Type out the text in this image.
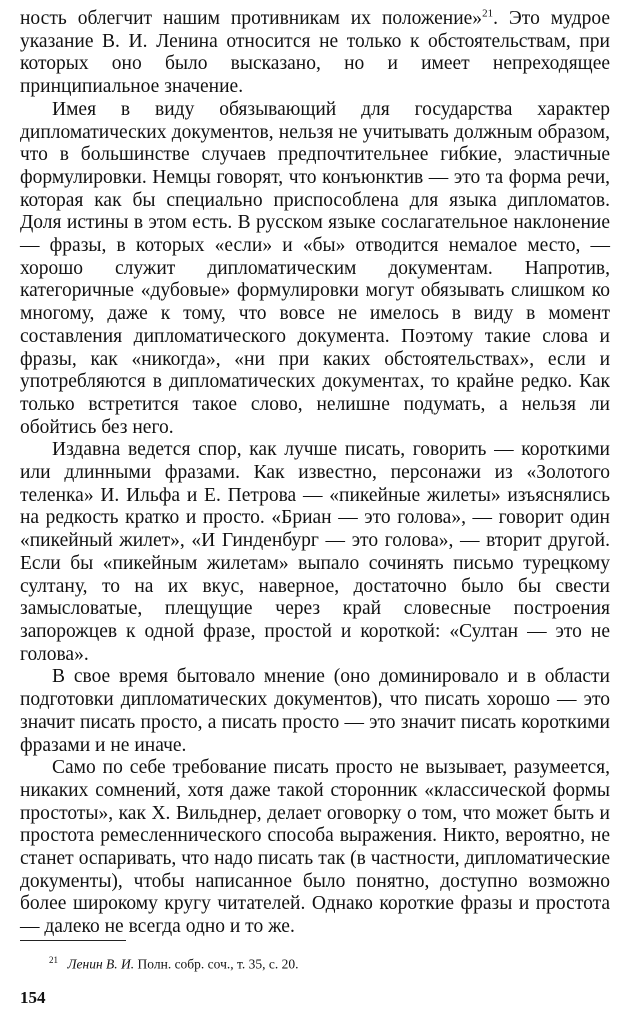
ность облегчит нашим противникам их положение»$^{21}$. Это мудрое указание В. И. Ленина относится не только к обстоятельствам, при которых оно было высказано, но и имеет непреходящее принципиальное значение.

Имея в виду обязывающий для государства характер дипломатических документов, нельзя не учитывать должным образом, что в большинстве случаев предпочтительнее гибкие, эластичные формулировки. Немцы говорят, что конъюнктив — это та форма речи, которая как бы специально приспособлена для языка дипломатов. Доля истины в этом есть. В русском языке сослагательное наклонение — фразы, в которых «если» и «бы» отводится немалое место, — хорошо служит дипломатическим документам. Напротив, категоричные «дубовые» формулировки могут обязывать слишком ко многому, даже к тому, что вовсе не имелось в виду в момент составления дипломатического документа. Поэтому такие слова и фразы, как «никогда», «ни при каких обстоятельствах», если и употребляются в дипломатических документах, то крайне редко. Как только встретится такое слово, нелишне подумать, а нельзя ли обойтись без него.

Издавна ведется спор, как лучше писать, говорить — короткими или длинными фразами. Как известно, персонажи из «Золотого теленка» И. Ильфа и Е. Петрова — «пикейные жилеты» изъяснялись на редкость кратко и просто. «Бриан — это голова», — говорит один «пикейный жилет», «И Гинденбург — это голова», — вторит другой. Если бы «пикейным жилетам» выпало сочинять письмо турецкому султану, то на их вкус, наверное, достаточно было бы свести замысловатые, плещущие через край словесные построения запорожцев к одной фразе, простой и короткой: «Султан — это не голова».

В свое время бытовало мнение (оно доминировало и в области подготовки дипломатических документов), что писать хорошо — это значит писать просто, а писать просто — это значит писать короткими фразами и не иначе.

Само по себе требование писать просто не вызывает, разумеется, никаких сомнений, хотя даже такой сторонник «классической формы простоты», как Х. Вильднер, делает оговорку о том, что может быть и простота ремесленнического способа выражения. Никто, вероятно, не станет оспаривать, что надо писать так (в частности, дипломатические документы), чтобы написанное было понятно, доступно возможно более широкому кругу читателей. Однако короткие фразы и простота — далеко не всегда одно и то же.

$^{21}$ Ленин В. И. Полн. собр. соч., т. 35, с. 20.
154
